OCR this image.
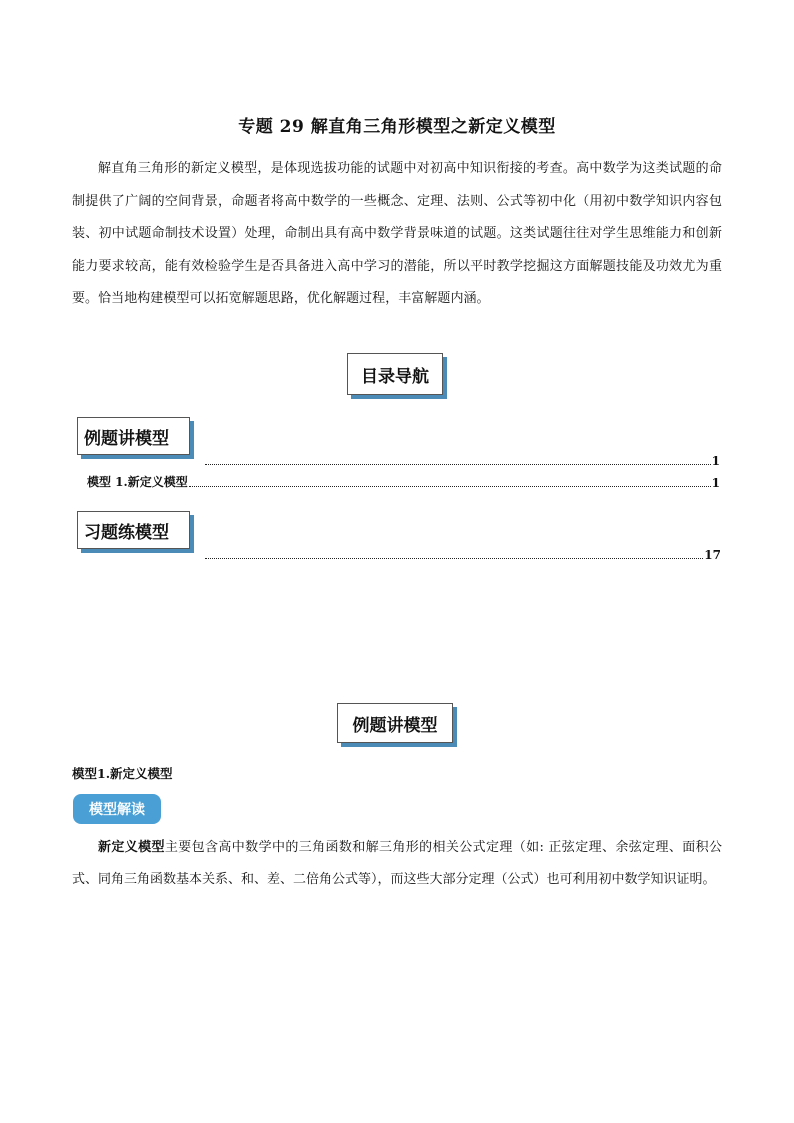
专题 29 解直角三角形模型之新定义模型
解直角三角形的新定义模型，是体现选拔功能的试题中对初高中知识衔接的考查。高中数学为这类试题的命制提供了广阔的空间背景，命题者将高中数学的一些概念、定理、法则、公式等初中化（用初中数学知识内容包装、初中试题命制技术设置）处理，命制出具有高中数学背景味道的试题。这类试题往往对学生思维能力和创新能力要求较高，能有效检验学生是否具备进入高中学习的潜能，所以平时教学挖掘这方面解题技能及功效尤为重要。恰当地构建模型可以拓宽解题思路，优化解题过程，丰富解题内涵。
目录导航
例题讲模型
1
模型 1.新定义模型	1
习题练模型
17
例题讲模型
模型1.新定义模型
模型解读
新定义模型主要包含高中数学中的三角函数和解三角形的相关公式定理（如: 正弦定理、余弦定理、面积公式、同角三角函数基本关系、和、差、二倍角公式等），而这些大部分定理（公式）也可利用初中数学知识证明。
